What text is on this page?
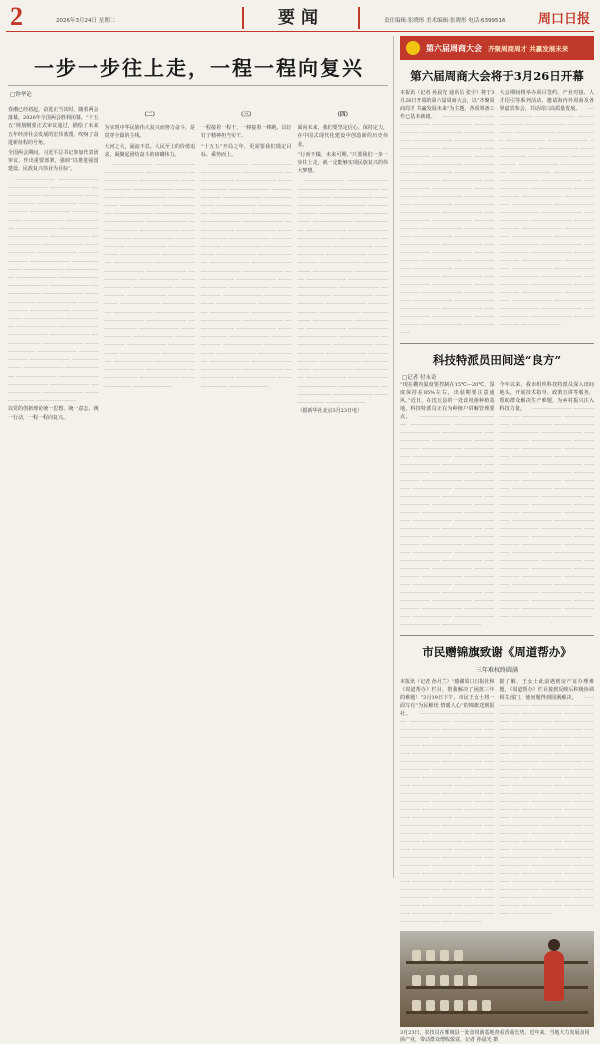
2	2026年3月24日 星期二	要闻	责任编辑:张晓彤 美术编辑:张晓彤 电话:6399516 周口日报
一步一步往上走，一程一程向复兴
□钟华论
春潮已经初起，奋进正当其时。随着两会落幕，2026年全国两会胜利闭幕，“十五五”规划纲要正式审议通过，描绘了未来五年经济社会发展的宏伟蓝图，吹响了奋进新征程的号角。
全国两会期间，习近平总书记参加代表团审议、作出重要部署，强调“以推进强国建设、民族复兴伟业为目标”。
　──────────── ──────────── ──────────── ──────────── ──────────── ──────────── ──────────── ──────────── ──────────── ──────────── ──────────── ──────────── ──────────── ──────────── ──────────── ──────────── ──────────── ──────────── ──────────── ──────────── ──────────── ──────────── ──────────── ──────────── ──────────── ──────────── ──────────── ──────────── ──────────── ──────────── ──────────── ──────────── ──────────── ──────────── ──────────── ──────────── ──────────── ──────────── ──────────── ──────────── ──────────── ──────────── ──────────── ──────────── ──────────── ──────────── ──────────── ──────────── ──────────── ──────────── ──────────── ──────────── ──────────── ──────────── ──────────── ──────────── ──────────── ──────────── ──────────── ────────────
以党的创新理论统一思想、统一意志、统一行动，一程一程向复兴。
（二）
为实现中华民族伟大复兴而努力奋斗，是贯穿全篇的主线。
大河之大，涌流不息。人民至上的价值追求，凝聚起团结奋斗的磅礴伟力。
　──────────── ──────────── ──────────── ──────────── ──────────── ──────────── ──────────── ──────────── ──────────── ──────────── ──────────── ──────────── ──────────── ──────────── ──────────── ──────────── ──────────── ──────────── ──────────── ──────────── ──────────── ──────────── ──────────── ──────────── ──────────── ──────────── ──────────── ──────────── ──────────── ──────────── ──────────── ──────────── ──────────── ──────────── ──────────── ──────────── ──────────── ──────────── ──────────── ──────────── ──────────── ──────────── ──────────── ──────────── ──────────── ──────────── ──────────── ──────────── ──────────── ──────────── ──────────── ──────────── ──────────── ──────────── ──────────── ──────────── ──────────── ──────────── ──────────── ────────────
（三）
一程接着一程干，一棒接着一棒跑，以钉钉子精神担当实干。
“十五五”开局之年，更需要我们锚定目标、乘势而上。
　──────────── ──────────── ──────────── ──────────── ──────────── ──────────── ──────────── ──────────── ──────────── ──────────── ──────────── ──────────── ──────────── ──────────── ──────────── ──────────── ──────────── ──────────── ──────────── ──────────── ──────────── ──────────── ──────────── ──────────── ──────────── ──────────── ──────────── ──────────── ──────────── ──────────── ──────────── ──────────── ──────────── ──────────── ──────────── ──────────── ──────────── ──────────── ──────────── ──────────── ──────────── ──────────── ──────────── ──────────── ──────────── ──────────── ──────────── ──────────── ──────────── ──────────── ──────────── ──────────── ──────────── ──────────── ──────────── ──────────── ──────────── ──────────── ──────────── ────────────
（四）
面向未来，我们要坚定信心、保持定力，在中国式现代化建设中创造新的历史伟业。
“行而不辍，未来可期。”只要我们一步一步往上走，就一定能够实现民族复兴的伟大梦想。
　──────────── ──────────── ──────────── ──────────── ──────────── ──────────── ──────────── ──────────── ──────────── ──────────── ──────────── ──────────── ──────────── ──────────── ──────────── ──────────── ──────────── ──────────── ──────────── ──────────── ──────────── ──────────── ──────────── ──────────── ──────────── ──────────── ──────────── ──────────── ──────────── ──────────── ──────────── ──────────── ──────────── ──────────── ──────────── ──────────── ──────────── ──────────── ──────────── ──────────── ──────────── ──────────── ──────────── ──────────── ──────────── ──────────── ──────────── ──────────── ──────────── ──────────── ──────────── ──────────── ──────────── ──────────── ──────────── ──────────── ──────────── ──────────── ──────────── ────────────
（据新华社北京3月23日电）
第六届周商大会 齐聚周商周才 共赢发展未来
第六届周商大会将于3月26日开幕
本报讯（记者 孙晨光 通讯员 张宇）将于3月26日开幕的第六届周商大会，以“齐聚周商周才 共赢发展未来”为主题，各项筹备工作已基本就绪。 　──────────── ──────────── ──────────── ──────────── ──────────── ──────────── ──────────── ──────────── ──────────── ──────────── ──────────── ──────────── ──────────── ──────────── ──────────── ──────────── ──────────── ──────────── ──────────── ──────────── ──────────── ──────────── ──────────── ──────────── ──────────── ──────────── ──────────── ──────────── ──────────── ──────────── ──────────── ──────────── ──────────── ──────────── ──────────── ──────────── ──────────── ──────────── ──────────── ──────────── ──────────── ──────────── ──────────── ──────────── ──────────── ──────────── ──────────── ──────────── ──────────── ──────────── ──────────── ──────────── ──────────── ──────────── ──────────── ──────────── ──────────── ──────────── ──────────── ────────────
大会期间将举办项目签约、产业对接、人才招引等系列活动，邀请海内外周商及各界嘉宾参会，共话周口高质量发展。 　──────────── ──────────── ──────────── ──────────── ──────────── ──────────── ──────────── ──────────── ──────────── ──────────── ──────────── ──────────── ──────────── ──────────── ──────────── ──────────── ──────────── ──────────── ──────────── ──────────── ──────────── ──────────── ──────────── ──────────── ──────────── ──────────── ──────────── ──────────── ──────────── ──────────── ──────────── ──────────── ──────────── ──────────── ──────────── ──────────── ──────────── ──────────── ──────────── ──────────── ──────────── ──────────── ──────────── ──────────── ──────────── ──────────── ──────────── ──────────── ──────────── ──────────── ──────────── ──────────── ──────────── ──────────── ──────────── ──────────── ──────────── ──────────── ──────────── ────────────
科技特派员田间送“良方”
□记者 付永奇
“现在棚内温度要控制在15℃—20℃，湿度保持在85%左右，出菇期要注意通风。”近日，在沈丘县的一处食用菌种植基地，科技特派员正在为种植户讲解管理要点。 　──────────── ──────────── ──────────── ──────────── ──────────── ──────────── ──────────── ──────────── ──────────── ──────────── ──────────── ──────────── ──────────── ──────────── ──────────── ──────────── ──────────── ──────────── ──────────── ──────────── ──────────── ──────────── ──────────── ──────────── ──────────── ──────────── ──────────── ──────────── ──────────── ──────────── ──────────── ──────────── ──────────── ──────────── ──────────── ──────────── ──────────── ──────────── ──────────── ──────────── ──────────── ──────────── ──────────── ──────────── ──────────── ──────────── ──────────── ──────────── ──────────── ──────────── ──────────── ──────────── ──────────── ──────────── ──────────── ──────────── ──────────── ──────────── ──────────── ────────────
今年以来，我市组织科技特派员深入田间地头，开展技术指导、政策宣讲等服务，帮助群众解决生产难题，为乡村振兴注入科技力量。 　──────────── ──────────── ──────────── ──────────── ──────────── ──────────── ──────────── ──────────── ──────────── ──────────── ──────────── ──────────── ──────────── ──────────── ──────────── ──────────── ──────────── ──────────── ──────────── ──────────── ──────────── ──────────── ──────────── ──────────── ──────────── ──────────── ──────────── ──────────── ──────────── ──────────── ──────────── ──────────── ──────────── ──────────── ──────────── ──────────── ──────────── ──────────── ──────────── ──────────── ──────────── ──────────── ──────────── ──────────── ──────────── ──────────── ──────────── ──────────── ──────────── ──────────── ──────────── ──────────── ──────────── ──────────── ──────────── ──────────── ──────────── ──────────── ──────────── ────────────
市民赠锦旗致谢《周道帮办》
三年难权终圆满
本报讯（记者 孙月兰）“感谢周口日报社和《周道帮办》栏目，帮我解决了困扰三年的难题！”3月19日下午，市民王女士将一面写有“为民解忧 情暖人心”的锦旗送到报社。 　──────────── ──────────── ──────────── ──────────── ──────────── ──────────── ──────────── ──────────── ──────────── ──────────── ──────────── ──────────── ──────────── ──────────── ──────────── ──────────── ──────────── ──────────── ──────────── ──────────── ──────────── ──────────── ──────────── ──────────── ──────────── ──────────── ──────────── ──────────── ──────────── ──────────── ──────────── ──────────── ──────────── ──────────── ──────────── ──────────── ──────────── ──────────── ──────────── ──────────── ──────────── ──────────── ──────────── ──────────── ──────────── ──────────── ──────────── ──────────── ──────────── ──────────── ──────────── ──────────── ──────────── ──────────── ──────────── ──────────── ──────────── ──────────── ──────────── ────────────
据了解，王女士此前遇到房产证办理难题，《周道帮办》栏目接到反映后积极协调相关部门，使问题得到圆满解决。 　──────────── ──────────── ──────────── ──────────── ──────────── ──────────── ──────────── ──────────── ──────────── ──────────── ──────────── ──────────── ──────────── ──────────── ──────────── ──────────── ──────────── ──────────── ──────────── ──────────── ──────────── ──────────── ──────────── ──────────── ──────────── ──────────── ──────────── ──────────── ──────────── ──────────── ──────────── ──────────── ──────────── ──────────── ──────────── ──────────── ──────────── ──────────── ──────────── ──────────── ──────────── ──────────── ──────────── ──────────── ──────────── ──────────── ──────────── ──────────── ──────────── ──────────── ──────────── ──────────── ──────────── ──────────── ──────────── ──────────── ──────────── ──────────── ──────────── ────────────
3月23日，农技员在郸城县一处食用菌基地查看香菇长势。近年来，当地大力发展食用菌产业，带动群众增收致富。记者 孙晨光 摄
